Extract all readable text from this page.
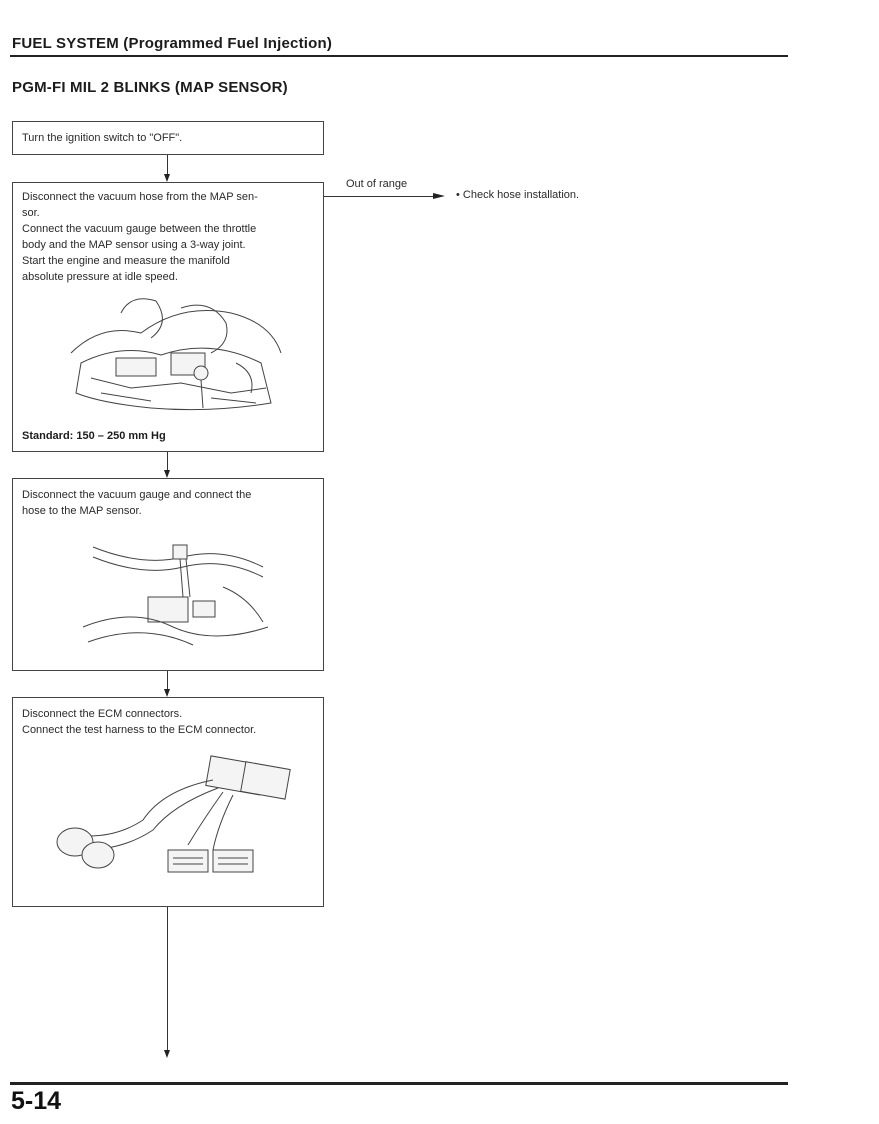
FUEL SYSTEM (Programmed Fuel Injection)
PGM-FI MIL 2 BLINKS (MAP SENSOR)
Turn the ignition switch to "OFF".
Disconnect the vacuum hose from the MAP sen-
sor.
Connect the vacuum gauge between the throttle
body and the MAP sensor using a 3-way joint.
Start the engine and measure the manifold
absolute pressure at idle speed.
Standard: 150 – 250 mm Hg
Out of range
• Check hose installation.
Disconnect the vacuum gauge and connect the
hose to the MAP sensor.
Disconnect the ECM connectors.
Connect the test harness to the ECM connector.
5-14
